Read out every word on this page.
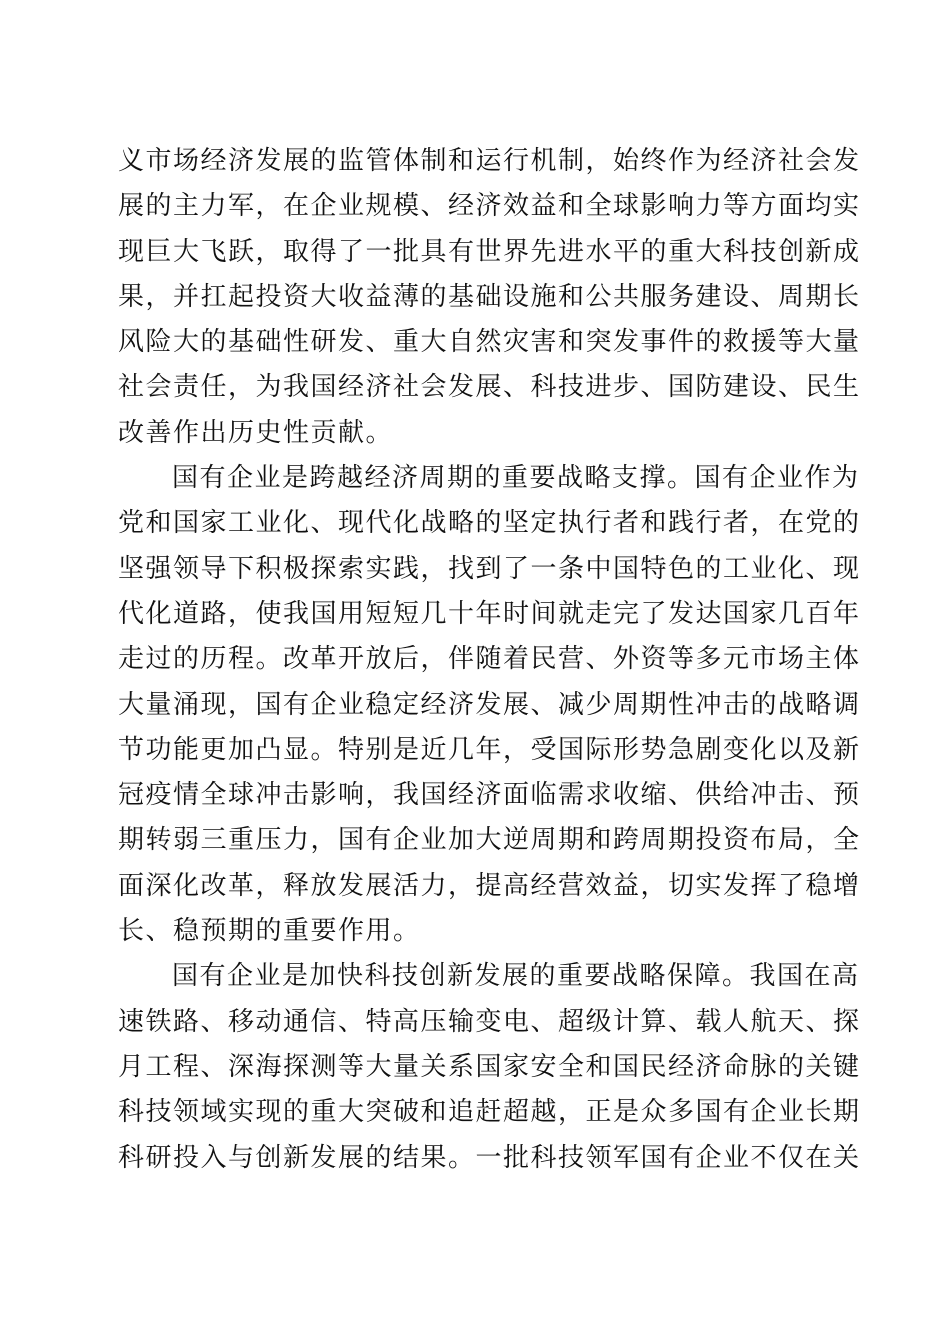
义市场经济发展的监管体制和运行机制，始终作为经济社会发
展的主力军，在企业规模、经济效益和全球影响力等方面均实
现巨大飞跃，取得了一批具有世界先进水平的重大科技创新成
果，并扛起投资大收益薄的基础设施和公共服务建设、周期长
风险大的基础性研发、重大自然灾害和突发事件的救援等大量
社会责任，为我国经济社会发展、科技进步、国防建设、民生
改善作出历史性贡献。
国有企业是跨越经济周期的重要战略支撑。国有企业作为
党和国家工业化、现代化战略的坚定执行者和践行者，在党的
坚强领导下积极探索实践，找到了一条中国特色的工业化、现
代化道路，使我国用短短几十年时间就走完了发达国家几百年
走过的历程。改革开放后，伴随着民营、外资等多元市场主体
大量涌现，国有企业稳定经济发展、减少周期性冲击的战略调
节功能更加凸显。特别是近几年，受国际形势急剧变化以及新
冠疫情全球冲击影响，我国经济面临需求收缩、供给冲击、预
期转弱三重压力，国有企业加大逆周期和跨周期投资布局，全
面深化改革，释放发展活力，提高经营效益，切实发挥了稳增
长、稳预期的重要作用。
国有企业是加快科技创新发展的重要战略保障。我国在高
速铁路、移动通信、特高压输变电、超级计算、载人航天、探
月工程、深海探测等大量关系国家安全和国民经济命脉的关键
科技领域实现的重大突破和追赶超越，正是众多国有企业长期
科研投入与创新发展的结果。一批科技领军国有企业不仅在关
